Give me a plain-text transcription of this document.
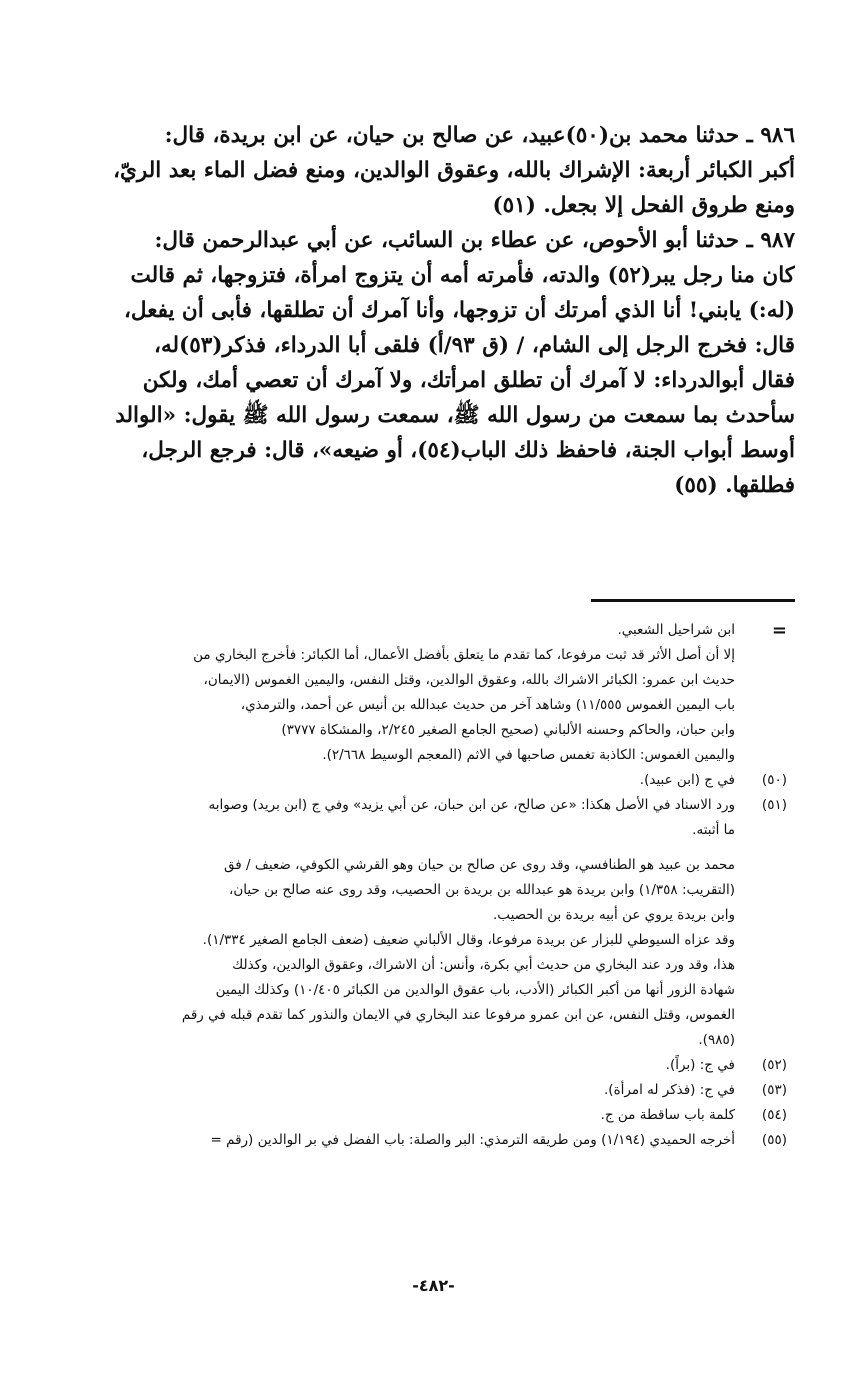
٩٨٦ ـ حدثنا محمد بن(٥٠)عبيد، عن صالح بن حيان، عن ابن بريدة، قال:
أكبر الكبائر أربعة: الإشراك بالله، وعقوق الوالدين، ومنع فضل الماء بعد الريّ،
ومنع طروق الفحل إلا بجعل. (٥١)
٩٨٧ ـ حدثنا أبو الأحوص، عن عطاء بن السائب، عن أبي عبدالرحمن قال:
كان منا رجل يبر(٥٢) والدته، فأمرته أمه أن يتزوج امرأة، فتزوجها، ثم قالت
(له:) يابني! أنا الذي أمرتك أن تزوجها، وأنا آمرك أن تطلقها، فأبى أن يفعل،
قال: فخرج الرجل إلى الشام، / (ق ٩٣/أ) فلقى أبا الدرداء، فذكر(٥٣)له،
فقال أبوالدرداء: لا آمرك أن تطلق امرأتك، ولا آمرك أن تعصي أمك، ولكن
سأحدث بما سمعت من رسول الله ﷺ، سمعت رسول الله ﷺ يقول: «الوالد
أوسط أبواب الجنة، فاحفظ ذلك الباب(٥٤)، أو ضيعه»، قال: فرجع الرجل،
فطلقها. (٥٥)
=
ابن شراحيل الشعبي.
إلا أن أصل الأثر قد ثبت مرفوعا، كما تقدم ما يتعلق بأفضل الأعمال، أما الكبائر: فأخرج البخاري من
حديث ابن عمرو: الكبائر الاشراك بالله، وعقوق الوالدين، وقتل النفس، واليمين الغموس (الايمان،
باب اليمين الغموس ١١/٥٥٥) وشاهد آخر من حديث عبدالله بن أنيس عن أحمد، والترمذي،
وابن حبان، والحاكم وحسنه الألباني (صحيح الجامع الصغير ٢/٢٤٥، والمشكاة ٣٧٧٧)
واليمين الغموس: الكاذبة تغمس صاحبها في الاثم (المعجم الوسيط ٢/٦٦٨).
(٥٠)
في ج (ابن عبيد).
(٥١)
ورد الاسناد في الأصل هكذا: «عن صالح، عن ابن حبان، عن أبي يزيد» وفي ج (ابن بريد) وصوابه
ما أثبته.
محمد بن عبيد هو الطنافسي، وقد روى عن صالح بن حيان وهو القرشي الكوفي، ضعيف / فق
(التقريب: ١/٣٥٨) وابن بريدة هو عبدالله بن بريدة بن الحصيب، وقد روى عنه صالح بن حيان،
وابن بريدة يروي عن أبيه بريدة بن الحصيب.
وقد عزاه السيوطي للبزار عن بريدة مرفوعا، وقال الألباني ضعيف (ضعف الجامع الصغير ١/٣٣٤).
هذا، وقد ورد عند البخاري من حديث أبي بكرة، وأنس: أن الاشراك، وعقوق الوالدين، وكذلك
شهادة الزور أنها من أكبر الكبائر (الأدب، باب عقوق الوالدين من الكبائر ١٠/٤٠٥) وكذلك اليمين
الغموس، وقتل النفس، عن ابن عمرو مرفوعا عند البخاري في الايمان والنذور كما تقدم قبله في رقم
(٩٨٥).
(٥٢)
في ج: (براً).
(٥٣)
في ج: (فذكر له امرأة).
(٥٤)
كلمة باب ساقطة من ج.
(٥٥)
أخرجه الحميدي (١/١٩٤) ومن طريقه الترمذي: البر والصلة: باب الفضل في بر الوالدين (رقم =
-٤٨٢-
